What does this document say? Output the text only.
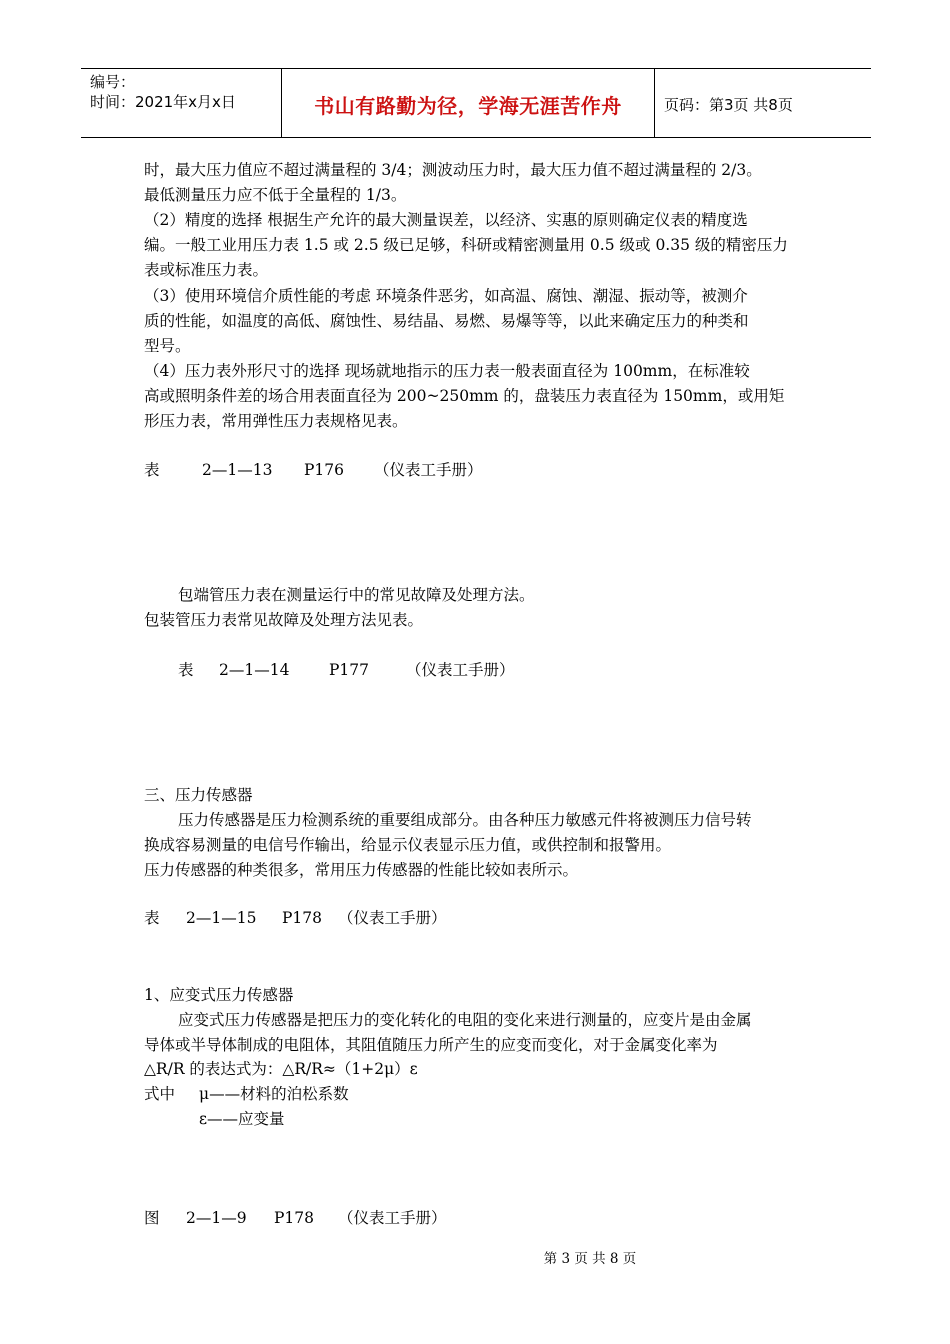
编号：
时间：2021年x月x日	书山有路勤为径，学海无涯苦作舟	页码：第3页 共8页
时，最大压力值应不超过满量程的 3/4；测波动压力时，最大压力值不超过满量程的 2/3。
最低测量压力应不低于全量程的 1/3。
（2）精度的选择 根据生产允许的最大测量误差，以经济、实惠的原则确定仪表的精度选
编。一般工业用压力表 1.5 或 2.5 级已足够，科研或精密测量用 0.5 级或 0.35 级的精密压力
表或标准压力表。
（3）使用环境信介质性能的考虑 环境条件恶劣，如高温、腐蚀、潮湿、振动等，被测介
质的性能，如温度的高低、腐蚀性、易结晶、易燃、易爆等等，以此来确定压力的种类和
型号。
（4）压力表外形尺寸的选择 现场就地指示的压力表一般表面直径为 100mm，在标准较
高或照明条件差的场合用表面直径为 200~250mm 的，盘装压力表直径为 150mm，或用矩
形压力表，常用弹性压力表规格见表。
表	2—1—13 P176 （仪表工手册）
包端管压力表在测量运行中的常见故障及处理方法。
包装管压力表常见故障及处理方法见表。
表 2—1—14	P177 （仪表工手册）
三、压力传感器
压力传感器是压力检测系统的重要组成部分。由各种压力敏感元件将被测压力信号转
换成容易测量的电信号作输出，给显示仪表显示压力值，或供控制和报警用。
压力传感器的种类很多，常用压力传感器的性能比较如表所示。
表 2—1—15 P178 （仪表工手册）
1、应变式压力传感器
应变式压力传感器是把压力的变化转化的电阻的变化来进行测量的，应变片是由金属
导体或半导体制成的电阻体，其阻值随压力所产生的应变而变化，对于金属变化率为
△R/R 的表达式为：△R/R≈（1+2μ）ε
式中 μ——材料的泊松系数
ε——应变量
图 2—1—9 P178 （仪表工手册）
第 3 页 共 8 页
